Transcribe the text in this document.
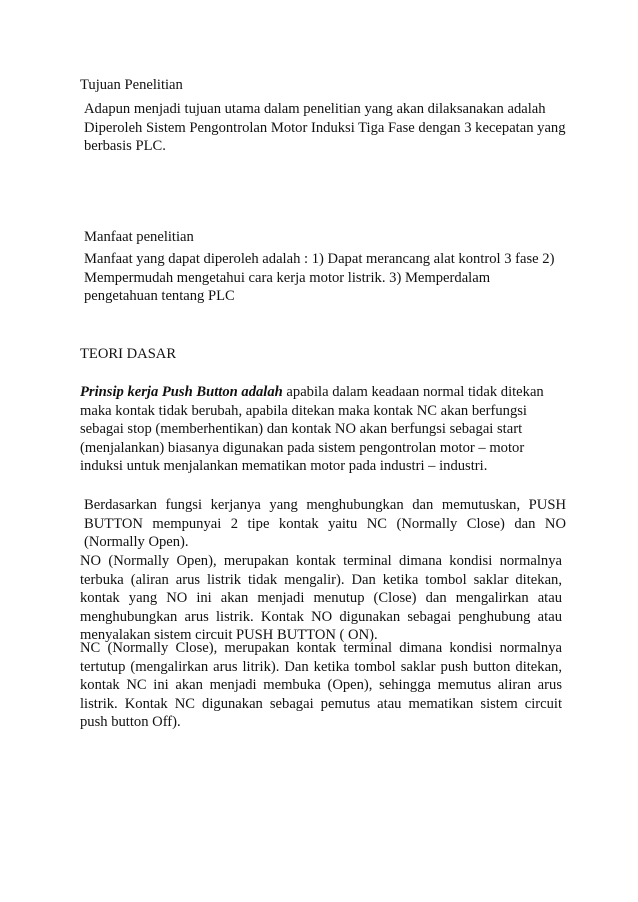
Tujuan Penelitian

Adapun menjadi tujuan utama dalam penelitian yang akan dilaksanakan adalah Diperoleh Sistem Pengontrolan Motor Induksi Tiga Fase dengan 3 kecepatan yang berbasis PLC.

Manfaat penelitian

Manfaat yang dapat diperoleh adalah : 1) Dapat merancang alat kontrol 3 fase 2) Mempermudah mengetahui cara kerja motor listrik. 3) Memperdalam pengetahuan tentang PLC

TEORI DASAR

Prinsip kerja Push Button adalah apabila dalam keadaan normal tidak ditekan maka kontak tidak berubah, apabila ditekan maka kontak NC akan berfungsi sebagai stop (memberhentikan) dan kontak NO akan berfungsi sebagai start (menjalankan) biasanya digunakan pada sistem pengontrolan motor – motor induksi untuk menjalankan mematikan motor pada industri – industri.

Berdasarkan fungsi kerjanya yang menghubungkan dan memutuskan, PUSH BUTTON mempunyai 2 tipe kontak yaitu NC (Normally Close) dan NO (Normally Open).

NO (Normally Open), merupakan kontak terminal dimana kondisi normalnya terbuka (aliran arus listrik tidak mengalir). Dan ketika tombol saklar ditekan, kontak yang NO ini akan menjadi menutup (Close) dan mengalirkan atau menghubungkan arus listrik. Kontak NO digunakan sebagai penghubung atau menyalakan sistem circuit PUSH BUTTON ( ON).

NC (Normally Close), merupakan kontak terminal dimana kondisi normalnya tertutup (mengalirkan arus litrik). Dan ketika tombol saklar push button ditekan, kontak NC ini akan menjadi membuka (Open), sehingga memutus aliran arus listrik. Kontak NC digunakan sebagai pemutus atau mematikan sistem circuit push button Off).
